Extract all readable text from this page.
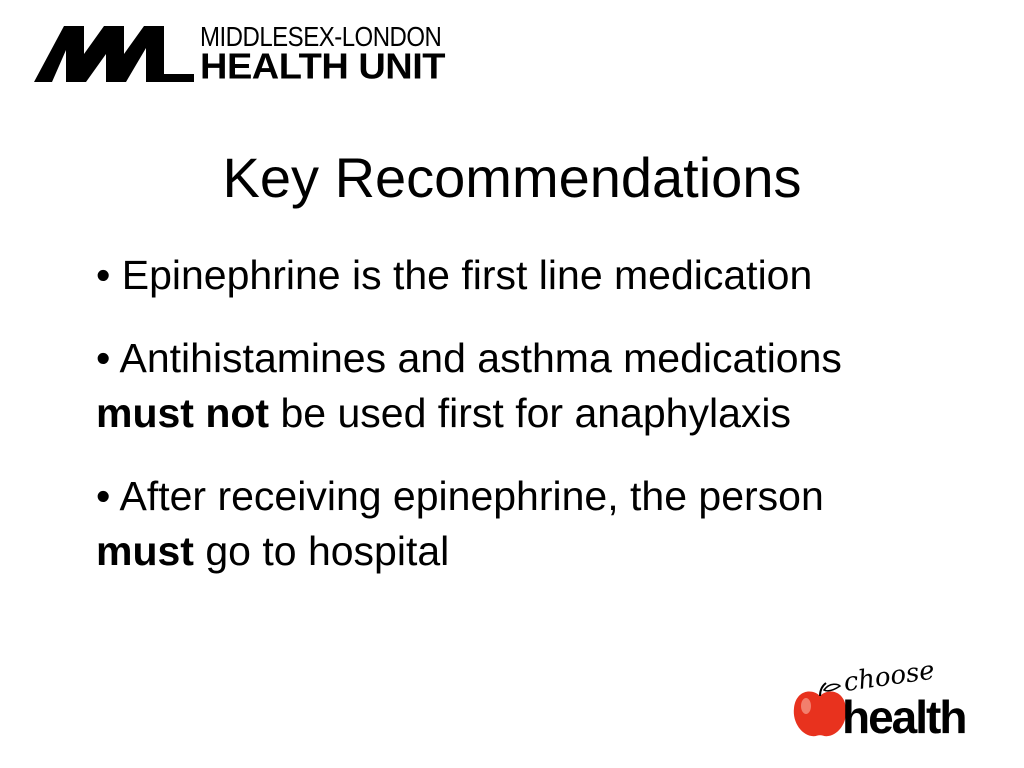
MIDDLESEX-LONDON
HEALTH UNIT
Key Recommendations
• Epinephrine is the first line medication
• Antihistamines and asthma medications must not be used first for anaphylaxis
• After receiving epinephrine, the person must go to hospital
choose
health
